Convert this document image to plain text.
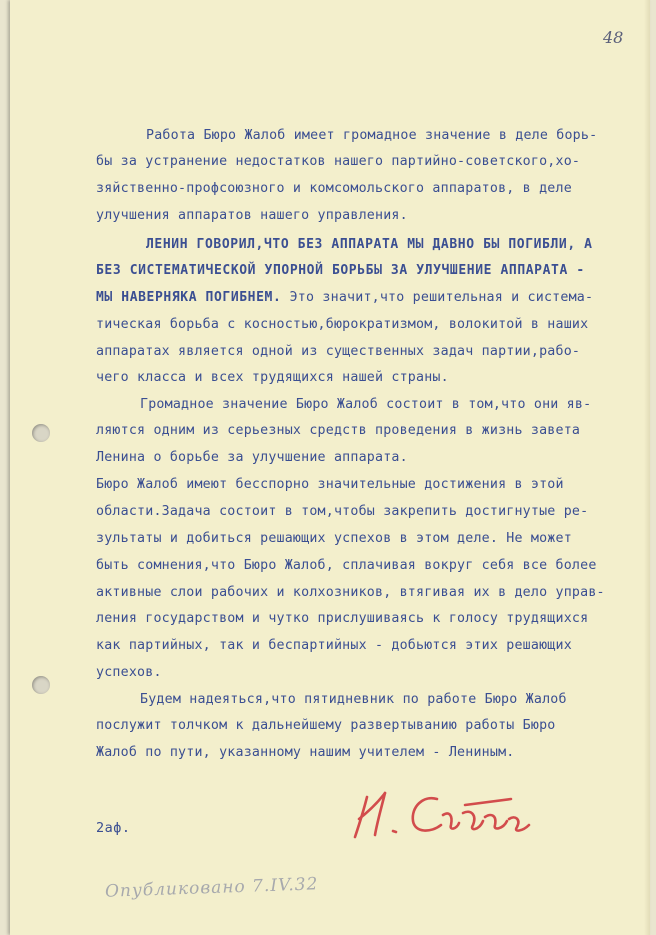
48
Работа Бюро Жалоб имеет громадное значение в деле борь-
бы за устранение недостатков нашего партийно-советского,хо-
зяйственно-профсоюзного и комсомольского аппаратов, в деле
улучшения аппаратов нашего управления.
ЛЕНИН ГОВОРИЛ,ЧТО БЕЗ АППАРАТА МЫ ДАВНО БЫ ПОГИБЛИ, А
БЕЗ СИСТЕМАТИЧЕСКОЙ УПОРНОЙ БОРЬБЫ ЗА УЛУЧШЕНИЕ АППАРАТА -
МЫ НАВЕРНЯКА ПОГИБНЕМ. Это значит,что решительная и система-
тическая борьба с косностью,бюрократизмом, волокитой в наших
аппаратах является одной из существенных задач партии,рабо-
чего класса и всех трудящихся нашей страны.
Громадное значение Бюро Жалоб состоит в том,что они яв-
ляются одним из серьезных средств проведения в жизнь завета
Ленина о борьбе за улучшение аппарата.
Бюро Жалоб имеют бесспорно значительные достижения в этой
области.Задача состоит в том,чтобы закрепить достигнутые ре-
зультаты и добиться решающих успехов в этом деле. Не может
быть сомнения,что Бюро Жалоб, сплачивая вокруг себя все более
активные слои рабочих и колхозников, втягивая их в дело управ-
ления государством и чутко прислушиваясь к голосу трудящихся
как партийных, так и беспартийных - добьются этих решающих
успехов.
Будем надеяться,что пятидневник по работе Бюро Жалоб
послужит толчком к дальнейшему развертыванию работы Бюро
Жалоб по пути, указанному нашим учителем - Лениным.
2аф.
Опубликовано 7.IV.32
